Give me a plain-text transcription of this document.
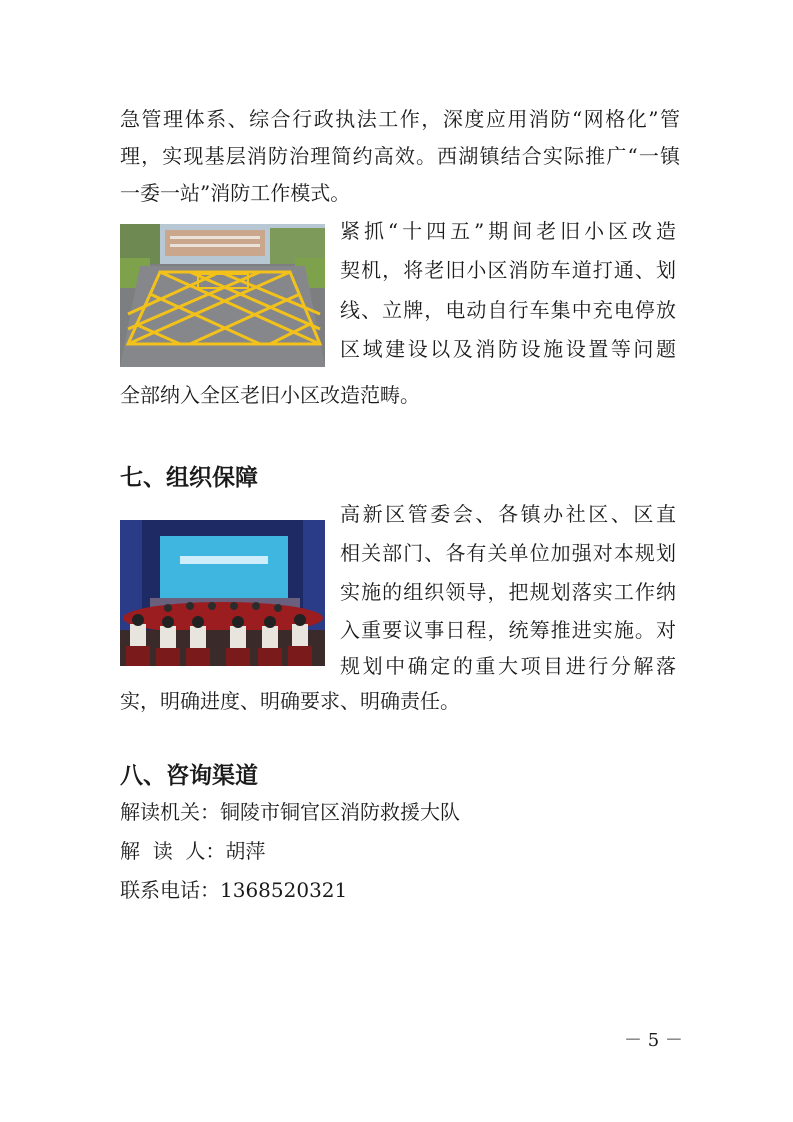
急管理体系、综合行政执法工作，深度应用消防“网格化”管
理，实现基层消防治理简约高效。西湖镇结合实际推广“一镇
一委一站”消防工作模式。
紧抓“十四五”期间老旧小区改造
契机，将老旧小区消防车道打通、划
线、立牌，电动自行车集中充电停放
区域建设以及消防设施设置等问题
全部纳入全区老旧小区改造范畴。
七、组织保障
高新区管委会、各镇办社区、区直
相关部门、各有关单位加强对本规划
实施的组织领导，把规划落实工作纳
入重要议事日程，统筹推进实施。对
规划中确定的重大项目进行分解落
实，明确进度、明确要求、明确责任。
八、咨询渠道
解读机关：铜陵市铜官区消防救援大队
解  读  人：胡萍
联系电话：1368520321
－ 5 －
